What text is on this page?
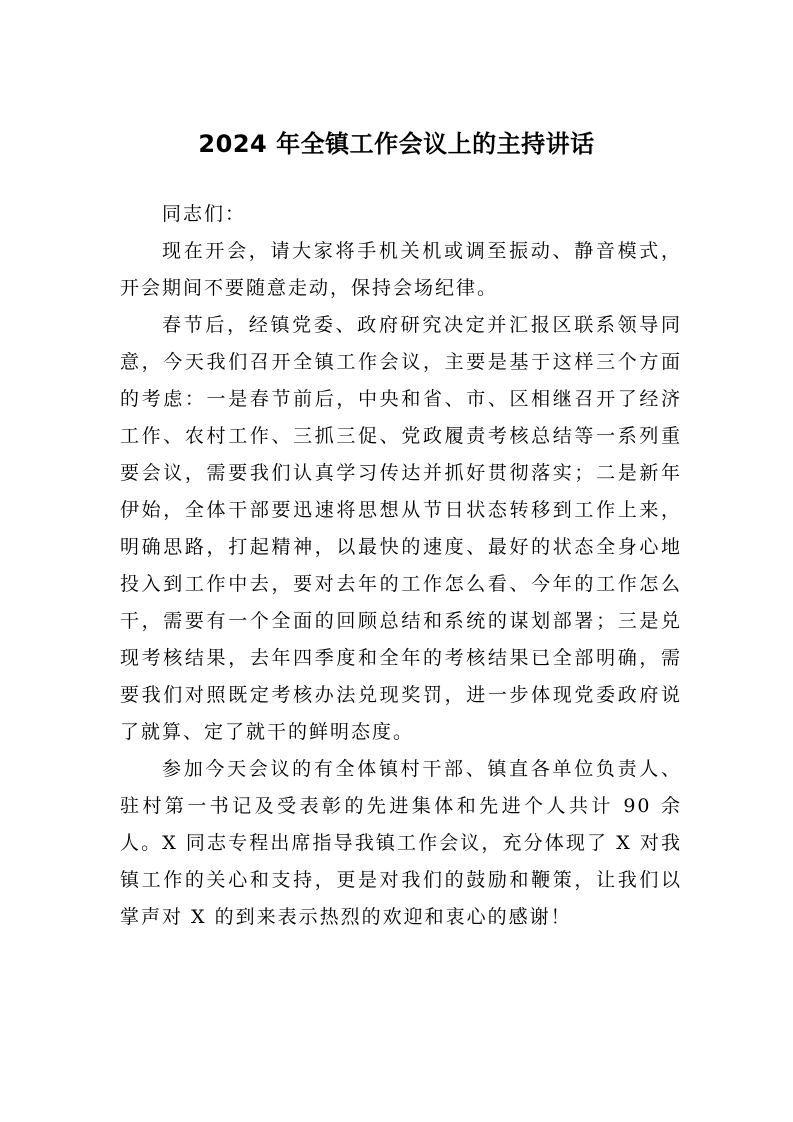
2024 年全镇工作会议上的主持讲话

同志们：

现在开会，请大家将手机关机或调至振动、静音模式，开会期间不要随意走动，保持会场纪律。

春节后，经镇党委、政府研究决定并汇报区联系领导同意，今天我们召开全镇工作会议，主要是基于这样三个方面的考虑：一是春节前后，中央和省、市、区相继召开了经济工作、农村工作、三抓三促、党政履责考核总结等一系列重要会议，需要我们认真学习传达并抓好贯彻落实；二是新年伊始，全体干部要迅速将思想从节日状态转移到工作上来，明确思路，打起精神，以最快的速度、最好的状态全身心地投入到工作中去，要对去年的工作怎么看、今年的工作怎么干，需要有一个全面的回顾总结和系统的谋划部署；三是兑现考核结果，去年四季度和全年的考核结果已全部明确，需要我们对照既定考核办法兑现奖罚，进一步体现党委政府说了就算、定了就干的鲜明态度。

参加今天会议的有全体镇村干部、镇直各单位负责人、驻村第一书记及受表彰的先进集体和先进个人共计 90 余人。X 同志专程出席指导我镇工作会议，充分体现了 X 对我镇工作的关心和支持，更是对我们的鼓励和鞭策，让我们以掌声对 X 的到来表示热烈的欢迎和衷心的感谢！
